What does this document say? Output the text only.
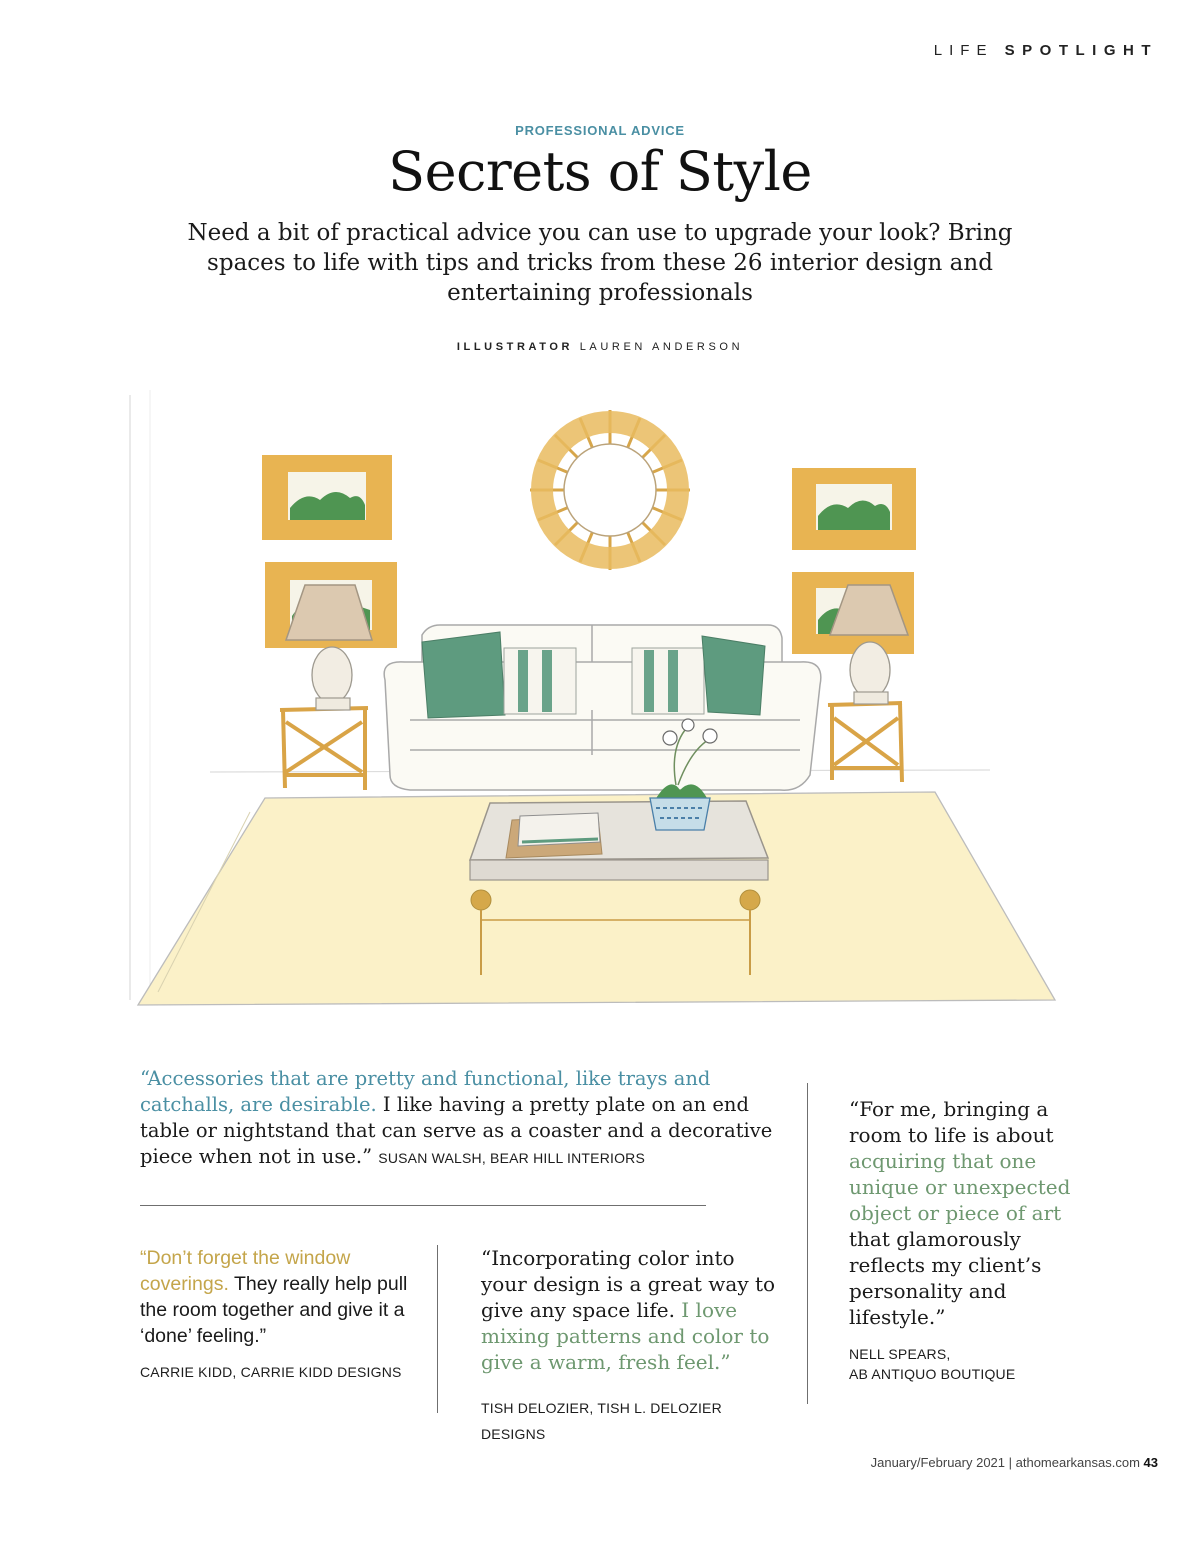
LIFE SPOTLIGHT
PROFESSIONAL ADVICE
Secrets of Style
Need a bit of practical advice you can use to upgrade your look? Bring spaces to life with tips and tricks from these 26 interior design and entertaining professionals
ILLUSTRATOR LAUREN ANDERSON
“Accessories that are pretty and functional, like trays and catchalls, are desirable. I like having a pretty plate on an end table or nightstand that can serve as a coaster and a decorative piece when not in use.” SUSAN WALSH, BEAR HILL INTERIORS
“Don’t forget the window coverings. They really help pull the room together and give it a ‘done’ feeling.”
CARRIE KIDD, CARRIE KIDD DESIGNS
“Incorporating color into your design is a great way to give any space life. I love mixing patterns and color to give a warm, fresh feel.”
TISH DELOZIER, TISH L. DELOZIER DESIGNS
“For me, bringing a room to life is about acquiring that one unique or unexpected object or piece of art that glamorously reflects my client’s personality and lifestyle.”
NELL SPEARS,
AB ANTIQUO BOUTIQUE
January/February 2021 | athomearkansas.com 43
